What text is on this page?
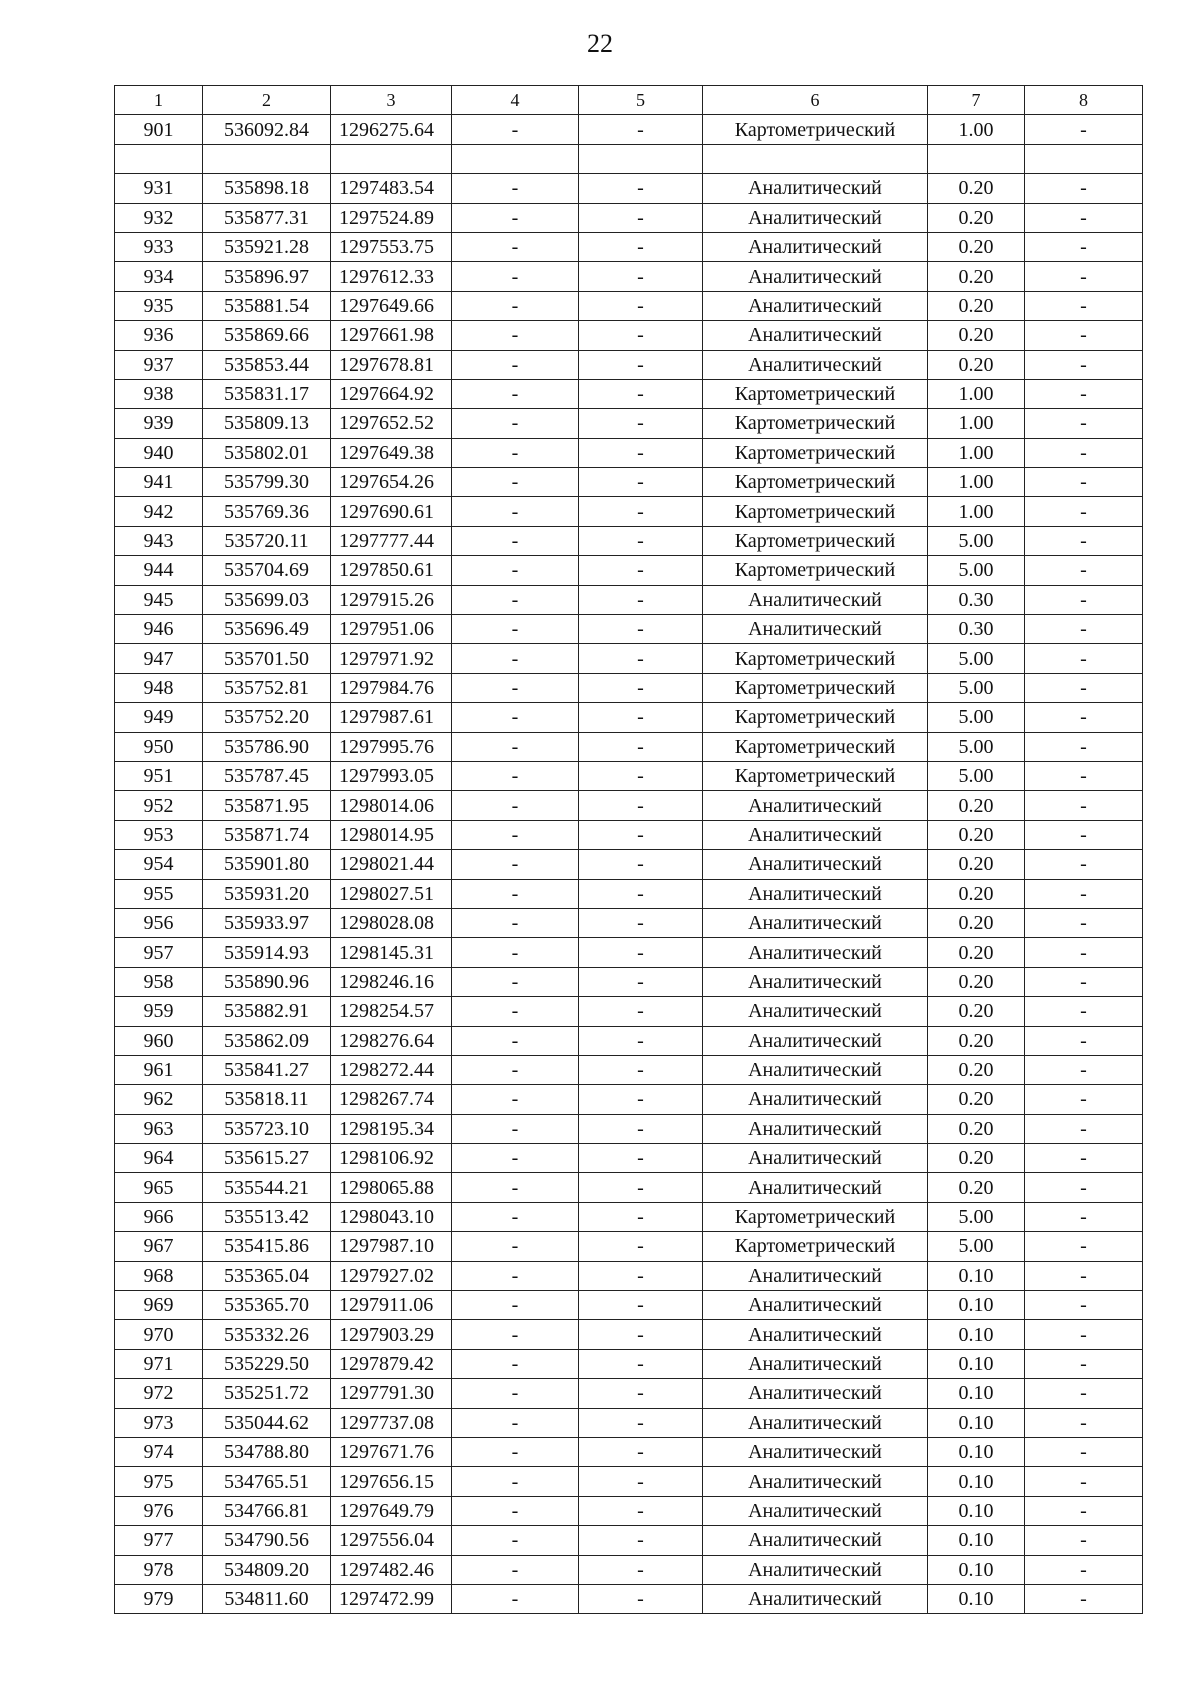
22
1	2	3	4	5	6	7	8
901	536092.84	1296275.64	-	-	Картометрический	1.00	-

931	535898.18	1297483.54	-	-	Аналитический	0.20	-
932	535877.31	1297524.89	-	-	Аналитический	0.20	-
933	535921.28	1297553.75	-	-	Аналитический	0.20	-
934	535896.97	1297612.33	-	-	Аналитический	0.20	-
935	535881.54	1297649.66	-	-	Аналитический	0.20	-
936	535869.66	1297661.98	-	-	Аналитический	0.20	-
937	535853.44	1297678.81	-	-	Аналитический	0.20	-
938	535831.17	1297664.92	-	-	Картометрический	1.00	-
939	535809.13	1297652.52	-	-	Картометрический	1.00	-
940	535802.01	1297649.38	-	-	Картометрический	1.00	-
941	535799.30	1297654.26	-	-	Картометрический	1.00	-
942	535769.36	1297690.61	-	-	Картометрический	1.00	-
943	535720.11	1297777.44	-	-	Картометрический	5.00	-
944	535704.69	1297850.61	-	-	Картометрический	5.00	-
945	535699.03	1297915.26	-	-	Аналитический	0.30	-
946	535696.49	1297951.06	-	-	Аналитический	0.30	-
947	535701.50	1297971.92	-	-	Картометрический	5.00	-
948	535752.81	1297984.76	-	-	Картометрический	5.00	-
949	535752.20	1297987.61	-	-	Картометрический	5.00	-
950	535786.90	1297995.76	-	-	Картометрический	5.00	-
951	535787.45	1297993.05	-	-	Картометрический	5.00	-
952	535871.95	1298014.06	-	-	Аналитический	0.20	-
953	535871.74	1298014.95	-	-	Аналитический	0.20	-
954	535901.80	1298021.44	-	-	Аналитический	0.20	-
955	535931.20	1298027.51	-	-	Аналитический	0.20	-
956	535933.97	1298028.08	-	-	Аналитический	0.20	-
957	535914.93	1298145.31	-	-	Аналитический	0.20	-
958	535890.96	1298246.16	-	-	Аналитический	0.20	-
959	535882.91	1298254.57	-	-	Аналитический	0.20	-
960	535862.09	1298276.64	-	-	Аналитический	0.20	-
961	535841.27	1298272.44	-	-	Аналитический	0.20	-
962	535818.11	1298267.74	-	-	Аналитический	0.20	-
963	535723.10	1298195.34	-	-	Аналитический	0.20	-
964	535615.27	1298106.92	-	-	Аналитический	0.20	-
965	535544.21	1298065.88	-	-	Аналитический	0.20	-
966	535513.42	1298043.10	-	-	Картометрический	5.00	-
967	535415.86	1297987.10	-	-	Картометрический	5.00	-
968	535365.04	1297927.02	-	-	Аналитический	0.10	-
969	535365.70	1297911.06	-	-	Аналитический	0.10	-
970	535332.26	1297903.29	-	-	Аналитический	0.10	-
971	535229.50	1297879.42	-	-	Аналитический	0.10	-
972	535251.72	1297791.30	-	-	Аналитический	0.10	-
973	535044.62	1297737.08	-	-	Аналитический	0.10	-
974	534788.80	1297671.76	-	-	Аналитический	0.10	-
975	534765.51	1297656.15	-	-	Аналитический	0.10	-
976	534766.81	1297649.79	-	-	Аналитический	0.10	-
977	534790.56	1297556.04	-	-	Аналитический	0.10	-
978	534809.20	1297482.46	-	-	Аналитический	0.10	-
979	534811.60	1297472.99	-	-	Аналитический	0.10	-
